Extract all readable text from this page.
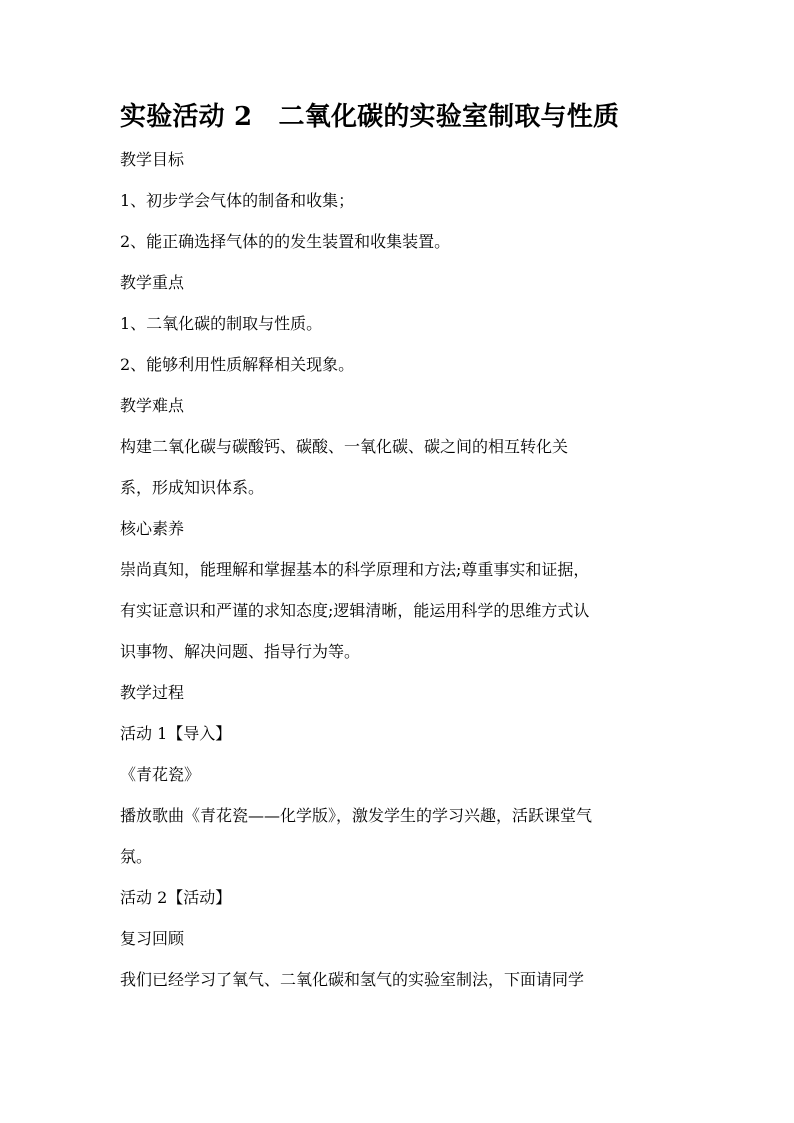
实验活动 2　二氧化碳的实验室制取与性质

教学目标

1、初步学会气体的制备和收集；

2、能正确选择气体的的发生装置和收集装置。

教学重点

1、二氧化碳的制取与性质。

2、能够利用性质解释相关现象。

教学难点

构建二氧化碳与碳酸钙、碳酸、一氧化碳、碳之间的相互转化关

系，形成知识体系。

核心素养

崇尚真知，能理解和掌握基本的科学原理和方法;尊重事实和证据，

有实证意识和严谨的求知态度;逻辑清晰，能运用科学的思维方式认

识事物、解决问题、指导行为等。

教学过程

活动 1【导入】

《青花瓷》

播放歌曲《青花瓷——化学版》，激发学生的学习兴趣，活跃课堂气

氛。

活动 2【活动】

复习回顾

我们已经学习了氧气、二氧化碳和氢气的实验室制法，下面请同学
